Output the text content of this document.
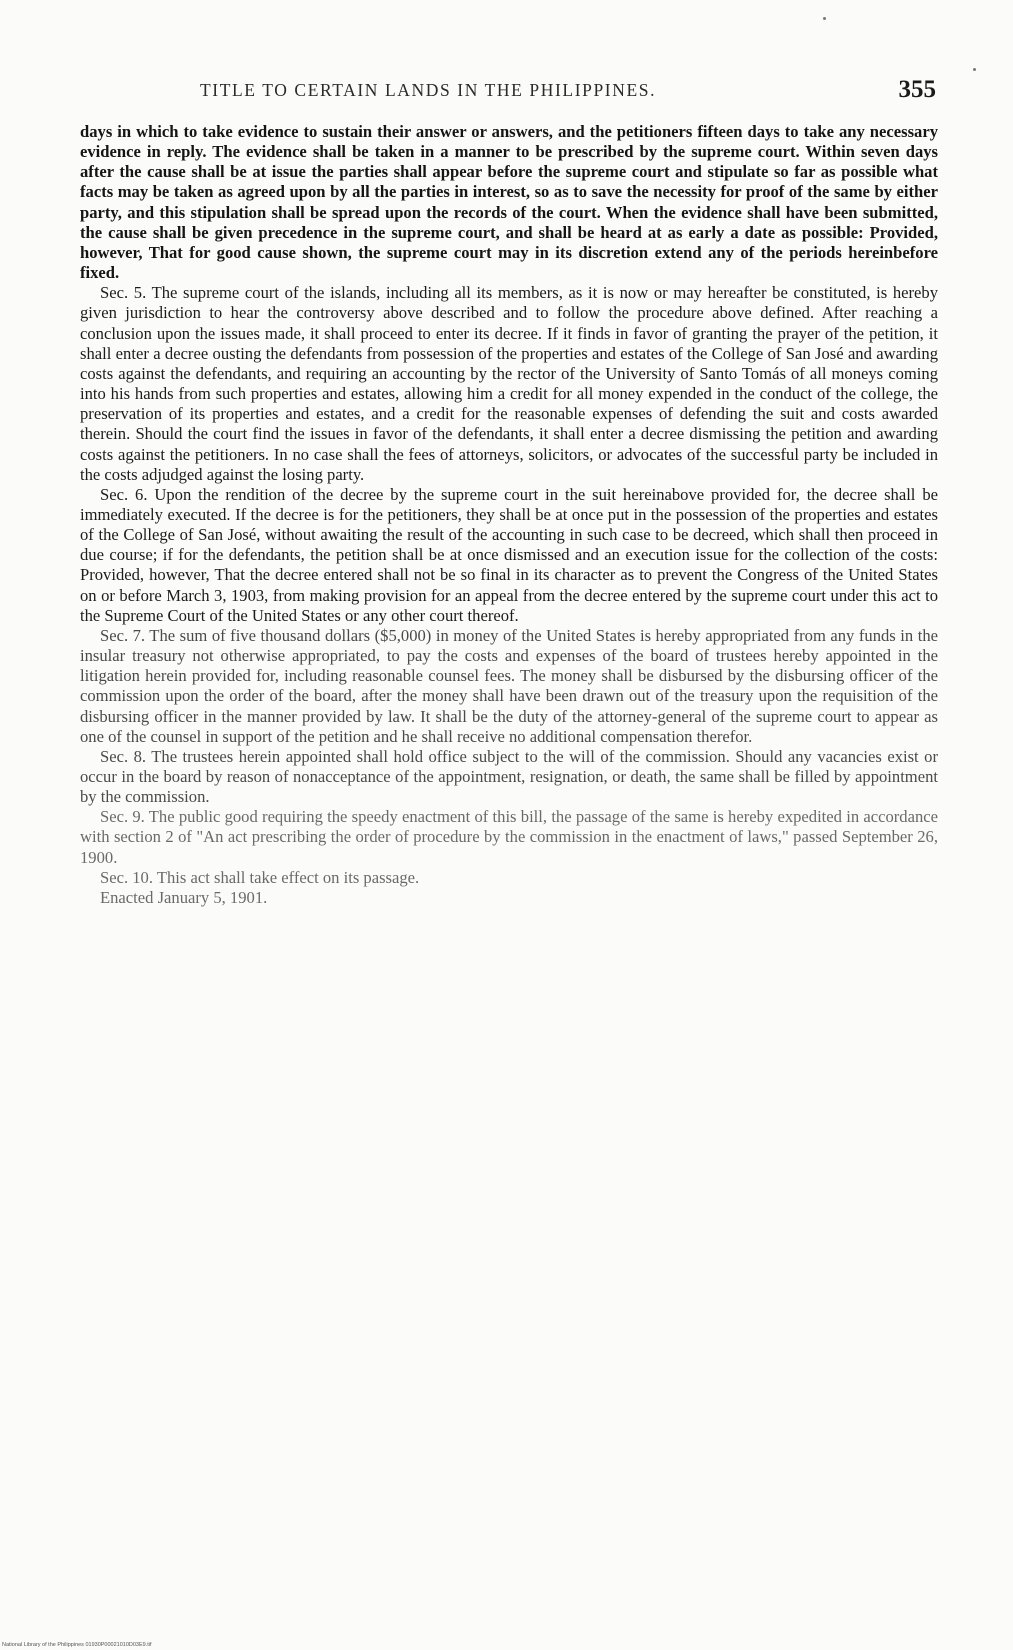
TITLE TO CERTAIN LANDS IN THE PHILIPPINES.	355

days in which to take evidence to sustain their answer or answers, and the petitioners fifteen days to take any necessary evidence in reply. The evidence shall be taken in a manner to be prescribed by the supreme court. Within seven days after the cause shall be at issue the parties shall appear before the supreme court and stipulate so far as possible what facts may be taken as agreed upon by all the parties in interest, so as to save the necessity for proof of the same by either party, and this stipulation shall be spread upon the records of the court. When the evidence shall have been submitted, the cause shall be given precedence in the supreme court, and shall be heard at as early a date as possible: Provided, however, That for good cause shown, the supreme court may in its discretion extend any of the periods hereinbefore fixed.

Sec. 5. The supreme court of the islands, including all its members, as it is now or may hereafter be constituted, is hereby given jurisdiction to hear the controversy above described and to follow the procedure above defined. After reaching a conclusion upon the issues made, it shall proceed to enter its decree. If it finds in favor of granting the prayer of the petition, it shall enter a decree ousting the defendants from possession of the properties and estates of the College of San José and awarding costs against the defendants, and requiring an accounting by the rector of the University of Santo Tomás of all moneys coming into his hands from such properties and estates, allowing him a credit for all money expended in the conduct of the college, the preservation of its properties and estates, and a credit for the reasonable expenses of defending the suit and costs awarded therein. Should the court find the issues in favor of the defendants, it shall enter a decree dismissing the petition and awarding costs against the petitioners. In no case shall the fees of attorneys, solicitors, or advocates of the successful party be included in the costs adjudged against the losing party.

Sec. 6. Upon the rendition of the decree by the supreme court in the suit hereinabove provided for, the decree shall be immediately executed. If the decree is for the petitioners, they shall be at once put in the possession of the properties and estates of the College of San José, without awaiting the result of the accounting in such case to be decreed, which shall then proceed in due course; if for the defendants, the petition shall be at once dismissed and an execution issue for the collection of the costs: Provided, however, That the decree entered shall not be so final in its character as to prevent the Congress of the United States on or before March 3, 1903, from making provision for an appeal from the decree entered by the supreme court under this act to the Supreme Court of the United States or any other court thereof.

Sec. 7. The sum of five thousand dollars ($5,000) in money of the United States is hereby appropriated from any funds in the insular treasury not otherwise appropriated, to pay the costs and expenses of the board of trustees hereby appointed in the litigation herein provided for, including reasonable counsel fees. The money shall be disbursed by the disbursing officer of the commission upon the order of the board, after the money shall have been drawn out of the treasury upon the requisition of the disbursing officer in the manner provided by law. It shall be the duty of the attorney-general of the supreme court to appear as one of the counsel in support of the petition and he shall receive no additional compensation therefor.

Sec. 8. The trustees herein appointed shall hold office subject to the will of the commission. Should any vacancies exist or occur in the board by reason of nonacceptance of the appointment, resignation, or death, the same shall be filled by appointment by the commission.

Sec. 9. The public good requiring the speedy enactment of this bill, the passage of the same is hereby expedited in accordance with section 2 of "An act prescribing the order of procedure by the commission in the enactment of laws," passed September 26, 1900.

Sec. 10. This act shall take effect on its passage.

Enacted January 5, 1901.

National Library of the Philippines 01930P00021010D03E9.tif
